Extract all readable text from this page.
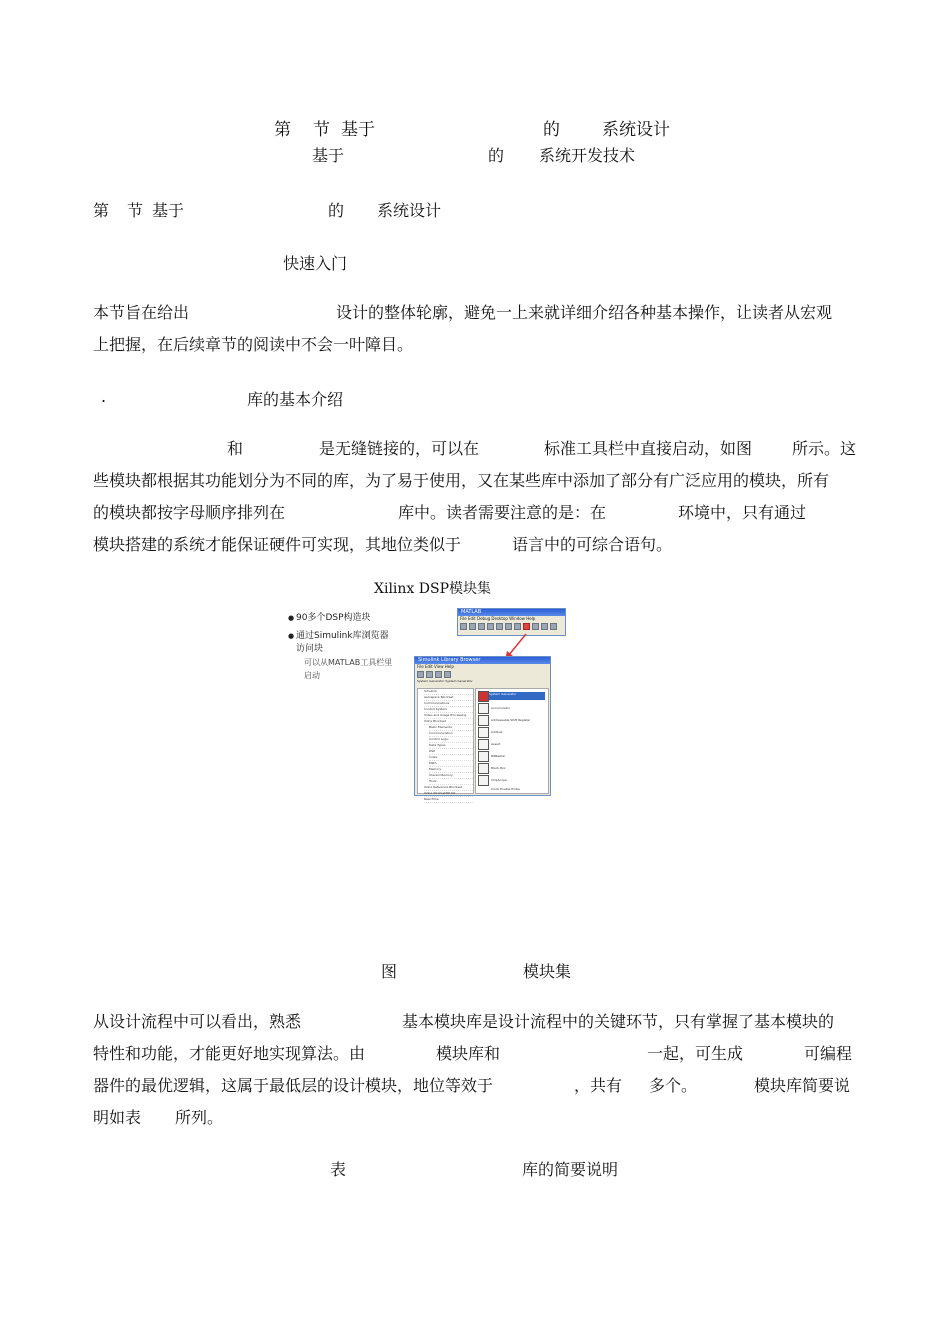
第 节 基于	的 系统设计
基于	的 系统开发技术
第 节 基于	的 系统设计
快速入门
本节旨在给出	设计的整体轮廓，避免一上来就详细介绍各种基本操作，让读者从宏观
上把握，在后续章节的阅读中不会一叶障目。
.	库的基本介绍
和	是无缝链接的，可以在	标准工具栏中直接启动，如图 所示。这
些模块都根据其功能划分为不同的库，为了易于使用，又在某些库中添加了部分有广泛应用的模块，所有
的模块都按字母顺序排列在	库中。读者需要注意的是：在	环境中，只有通过
模块搭建的系统才能保证硬件可实现，其地位类似于	语言中的可综合语句。
Xilinx DSP模块集
● 90多个DSP构造块
● 通过Simulink库浏览器访问块
可以从MATLAB工具栏里启动
MATLAB
File Edit Debug Desktop Window Help
Simulink Library Browser
File Edit View Help
System Generator System Generator
Simulink
Aerospace Blockset
Communications
Control System
Video and Image Processing
Xilinx Blockset
Basic Elements
Communication
Control Logic
Data Types
DSP
Index
Math
Memory
Shared Memory
Tools
Xilinx Reference Blockset
Xilinx XtremeDSP Kit
Real-Time
System Generator
Accumulator
Addressable Shift Register
AddSub
Assert
BitBasher
Black Box
ChipScope
Clock Enable Probe
图	模块集
从设计流程中可以看出，熟悉	基本模块库是设计流程中的关键环节，只有掌握了基本模块的
特性和功能，才能更好地实现算法。由	模块库和	一起，可生成	可编程
器件的最优逻辑，这属于最低层的设计模块，地位等效于	，共有 多个。	模块库简要说
明如表 所列。
表	库的简要说明
